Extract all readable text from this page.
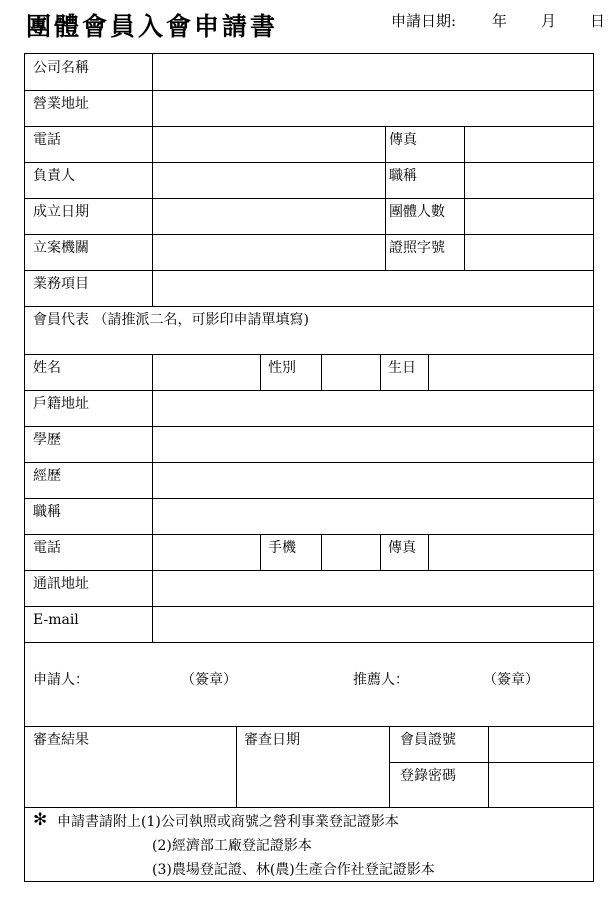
團體會員入會申請書	申請日期: 年 月 日
公司名稱
營業地址
電話	傳真
負責人	職稱
成立日期	團體人數
立案機關	證照字號
業務項目
會員代表 （請推派二名，可影印申請單填寫)
姓名	性別	生日
戶籍地址
學歷
經歷
職稱
電話	手機	傳真
通訊地址
E-mail
申請人：	（簽章）	推薦人：	（簽章）
審查結果	審查日期	會員證號
登錄密碼
✻ 申請書請附上(1)公司執照或商號之營利事業登記證影本
(2)經濟部工廠登記證影本
(3)農場登記證、林(農)生產合作社登記證影本
